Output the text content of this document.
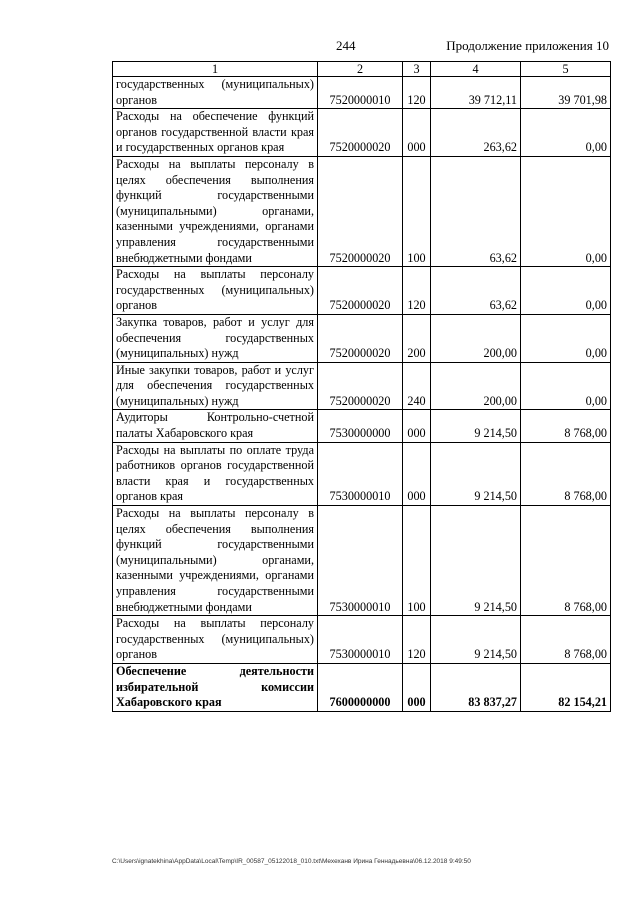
244	Продолжение приложения 10
1	2	3	4	5
государственных (муниципальных) органов	7520000010	120	39 712,11	39 701,98
Расходы на обеспечение функций органов государственной власти края и государственных органов края	7520000020	000	263,62	0,00
Расходы на выплаты персоналу в целях обеспечения выполнения функций государственными (муниципальными) органами, казенными учреждениями, органами управления государственными внебюджетными фондами	7520000020	100	63,62	0,00
Расходы на выплаты персоналу государственных (муниципальных) органов	7520000020	120	63,62	0,00
Закупка товаров, работ и услуг для обеспечения государственных (муниципальных) нужд	7520000020	200	200,00	0,00
Иные закупки товаров, работ и услуг для обеспечения государственных (муниципальных) нужд	7520000020	240	200,00	0,00
Аудиторы Контрольно-счетной палаты Хабаровского края	7530000000	000	9 214,50	8 768,00
Расходы на выплаты по оплате труда работников органов государственной власти края и государственных органов края	7530000010	000	9 214,50	8 768,00
Расходы на выплаты персоналу в целях обеспечения выполнения функций государственными (муниципальными) органами, казенными учреждениями, органами управления государственными внебюджетными фондами	7530000010	100	9 214,50	8 768,00
Расходы на выплаты персоналу государственных (муниципальных) органов	7530000010	120	9 214,50	8 768,00
Обеспечение деятельности избирательной комиссии Хабаровского края	7600000000	000	83 837,27	82 154,21
C:\Users\ignatekhina\AppData\Local\Temp\IR_00587_05122018_010.txt\Мехеханв Ирина Геннадьевна\06.12.2018 9:49:50
